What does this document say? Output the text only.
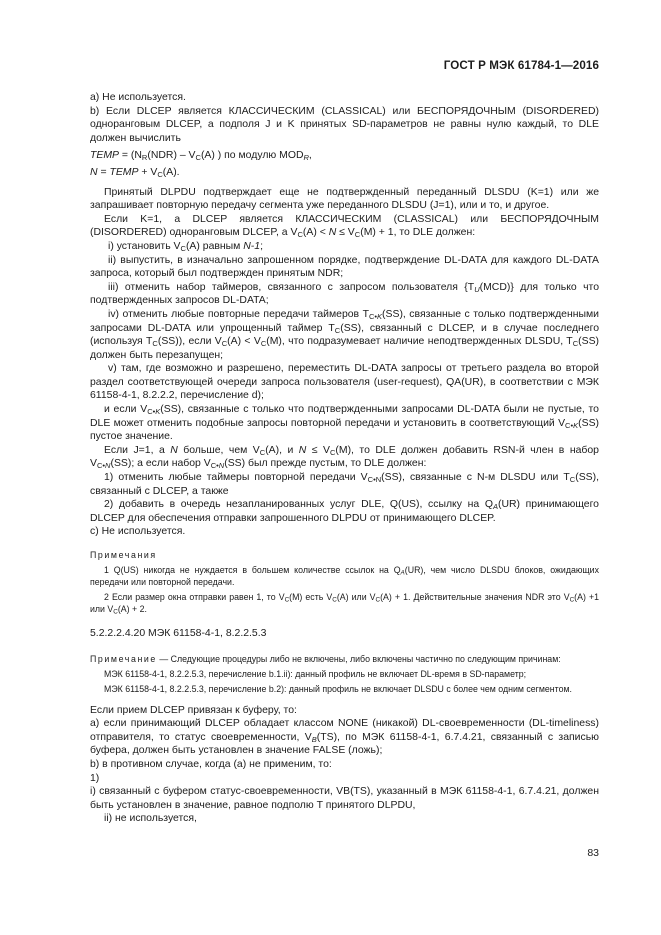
ГОСТ Р МЭК 61784-1—2016

a) Не используется.

b) Если DLCEP является КЛАССИЧЕСКИМ (CLASSICAL) или БЕСПОРЯДОЧНЫМ (DISORDERED) одноранговым DLCEP, а подполя J и K принятых SD-параметров не равны нулю каждый, то DLE должен вычислить

TEMP = ($N_R(NDR) - V_C(A)$ ) по модулю $MOD_R$,

N = TEMP + $V_C(A)$.

Принятый DLPDU подтверждает еще не подтвержденный переданный DLSDU (K=1) или же запрашивает повторную передачу сегмента уже переданного DLSDU (J=1), или и то, и другое.

Если K=1, а DLCEP является КЛАССИЧЕСКИМ (CLASSICAL) или БЕСПОРЯДОЧНЫМ (DISORDERED) одноранговым DLCEP, а $V_C(A) < N \le V_C(M) + 1$, то DLE должен:

i) установить $V_C(A)$ равным N-1;

ii) выпустить, в изначально запрошенном порядке, подтверждение DL-DATA для каждого DL-DATA запроса, который был подтвержден принятым NDR;

iii) отменить набор таймеров, связанного с запросом пользователя $\{T_U(MCD)\}$ для только что подтвержденных запросов DL-DATA;

iv) отменить любые повторные передачи таймеров $T_{C•K}(SS)$, связанные с только подтвержденными запросами DL-DATA или упрощенный таймер $T_C(SS)$, связанный с DLCEP, и в случае последнего (используя $T_C(SS)$), если $V_C(A) < V_C(M)$, что подразумевает наличие неподтвержденных DLSDU, $T_C(SS)$ должен быть перезапущен;

v) там, где возможно и разрешено, переместить DL-DATA запросы от третьего раздела во второй раздел соответствующей очереди запроса пользователя (user-request), QA(UR), в соответствии с МЭК 61158-4-1, 8.2.2.2, перечисление d);

и если $V_{C•K}(SS)$, связанные с только что подтвержденными запросами DL-DATA были не пустые, то DLE может отменить подобные запросы повторной передачи и установить в соответствующий $V_{C•K}(SS)$ пустое значение.

Если J=1, а N больше, чем $V_C(A)$, и $N \le V_C(M)$, то DLE должен добавить RSN-й член в набор $V_{C•N}(SS)$; а если набор $V_{C•N}(SS)$ был прежде пустым, то DLE должен:

1) отменить любые таймеры повторной передачи $V_{C•N}(SS)$, связанные с N-м DLSDU или $T_C(SS)$, связанный с DLCEP, а также

2) добавить в очередь незапланированных услуг DLE, Q(US), ссылку на $Q_A(UR)$ принимающего DLCEP для обеспечения отправки запрошенного DLPDU от принимающего DLCEP.

c) Не используется.

Примечания

1 Q(US) никогда не нуждается в большем количестве ссылок на $Q_A(UR)$, чем число DLSDU блоков, ожидающих передачи или повторной передачи.

2 Если размер окна отправки равен 1, то $V_C(M)$ есть $V_C(A)$ или $V_C(A) + 1$. Действительные значения NDR это $V_C(A) +1$ или $V_C(A) + 2$.

5.2.2.2.4.20 МЭК 61158-4-1, 8.2.2.5.3

Примечание — Следующие процедуры либо не включены, либо включены частично по следующим причинам:

МЭК 61158-4-1, 8.2.2.5.3, перечисление b.1.ii): данный профиль не включает DL-время в SD-параметр;

МЭК 61158-4-1, 8.2.2.5.3, перечисление b.2): данный профиль не включает DLSDU с более чем одним сегментом.

Если прием DLCEP привязан к буферу, то:

a) если принимающий DLCEP обладает классом NONE (никакой) DL-своевременности (DL-timeliness) отправителя, то статус своевременности, $V_B(TS)$, по МЭК 61158-4-1, 6.7.4.21, связанный с записью буфера, должен быть установлен в значение FALSE (ложь);

b) в противном случае, когда (а) не применим, то:

1)

i) связанный с буфером статус-своевременности, VB(TS), указанный в МЭК 61158-4-1, 6.7.4.21, должен быть установлен в значение, равное подполю T принятого DLPDU,

ii) не используется,

83
